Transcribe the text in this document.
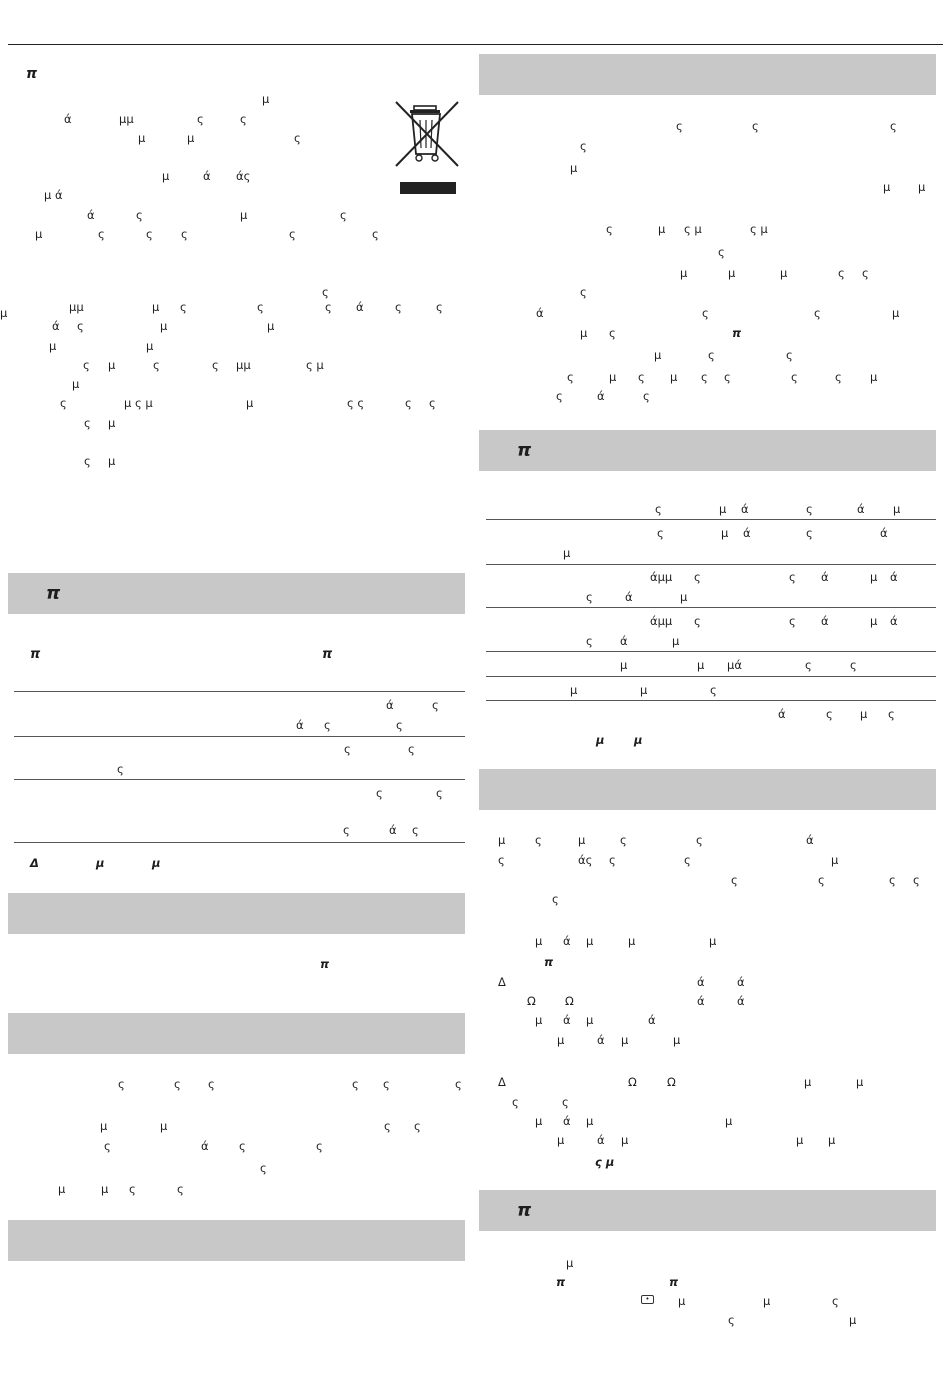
π
μ
ά	μμ	ς	ς
μ	μ	ς
μ	ά άς
μ ά
ά	ς	μ	ς
μ	ς	ς ς	ς	ς
ς
μμ	μ ς	ς	ς ά	ς	ς
ά ς	μ	μ
μ	μ
ς μ	ς	ς μμ	ς μ
μ
ς	μ ς μ	μ	ς ς	ς ς
ς μ
ς μ
π
π	π
ά	ς
ά ς	ς
ς	ς
ς
ς	ς
ς	ά ς
Δ	μ	μ
π
ς	ς ς	ς ς	ς
μ	μ	ς ς
ς	ά	ς	ς
ς
μ	μ ς	ς
ς	ς	ς
ς
μ
μ μ
ς	μ ς μ	ς μ
ς
μ	μ	μ	ς ς
ς
ά	ς	ς	μ
μ
μ ς	π
μ	ς	ς
ς	μ ς μ ς ς	ς	ς μ
ς	ά	ς
π
ς	μ ά	ς	ά μ
ς	μ ά	ς	ά
μ
άμμ ς	ς ά	μ ά
ς	ά	μ
άμμ ς	ς ά	μ ά
ς ά	μ
μ	μ μά	ς	ς
μ	μ	ς
ά	ς μ ς
μ	μ
μ	ς	μ	ς	ς	ά
ς	άς ς	ς	μ
ς	ς	ς ς
ς
μ ά μ	μ	μ
π
Δ	ά	ά
Ω	Ω	ά	ά
μ ά μ	ά
μ	ά μ	μ
Δ	Ω	Ω	μ	μ
ς	ς
μ ά μ	μ
μ	ά μ	μ μ
ς μ
π
μ
π	π
μ	μ	ς
ς	μ
•
